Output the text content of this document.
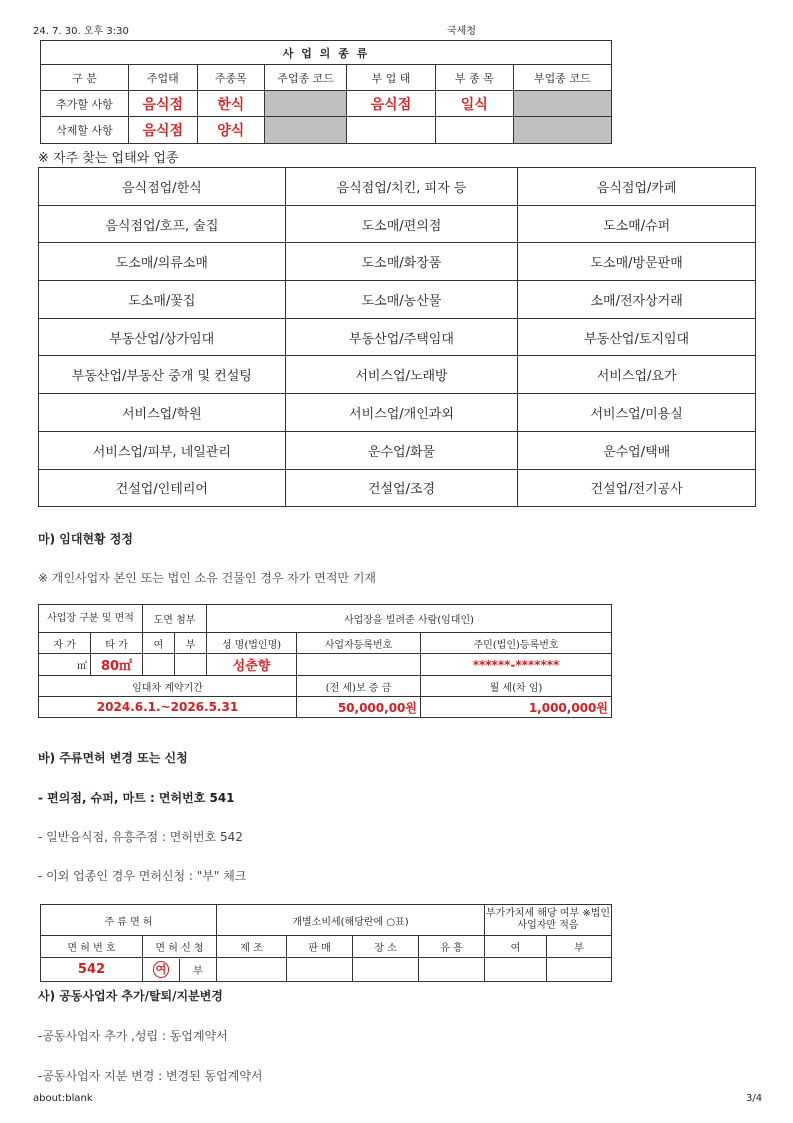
24. 7. 30. 오후 3:30	국세청
사 업 의 종 류						
구 분	주업태	주종목	주업종 코드	부 업 태	부 종 목	부업종 코드
추가할 사항	음식점	한식		음식점	일식	
삭제할 사항	음식점	양식				
※ 자주 찾는 업태와 업종
음식점업/한식	음식점업/치킨, 피자 등	음식점업/카페
음식점업/호프, 술집	도소매/편의점	도소매/슈퍼
도소매/의류소매	도소매/화장품	도소매/방문판매
도소매/꽃집	도소매/농산물	소매/전자상거래
부동산업/상가임대	부동산업/주택임대	부동산업/토지임대
부동산업/부동산 중개 및 컨설팅	서비스업/노래방	서비스업/요가
서비스업/학원	서비스업/개인과외	서비스업/미용실
서비스업/피부, 네일관리	운수업/화물	운수업/택배
건설업/인테리어	건설업/조경	건설업/전기공사
마) 임대현황 정정
※ 개인사업자 본인 또는 법인 소유 건물인 경우 자가 면적만 기재
사업장 구분 및 면적		도면 첨부		사업장을 빌려준 사람(임대인)		
자 가	타 가	여	부	성 명(법인명)	사업자등록번호	주민(법인)등록번호
㎡	80㎡			성춘향		******-*******
임대차 계약기간					(전 세)보 증 금	월 세(차 임)
2024.6.1.~2026.5.31					50,000,00원	1,000,000원
바) 주류면허 변경 또는 신청
- 편의점, 슈퍼, 마트 : 면허번호 541
- 일반음식점, 유흥주점 : 면허번호 542
- 이외 업종인 경우 면허신청 : "부" 체크
주 류 면 허		개별소비세(해당란에 ○표)				부가가치세 해당 여부 ※법인 사업자만 적음	
면 허 번 호	면 허 신 청	제 조	판 매	장 소	유 흥	여	부
542	여 부						

사) 공동사업자 추가/탈퇴/지분변경
-공동사업자 추가 ,성립 : 동업계약서
-공동사업자 지분 변경 : 변경된 동업계약서
about:blank	3/4
